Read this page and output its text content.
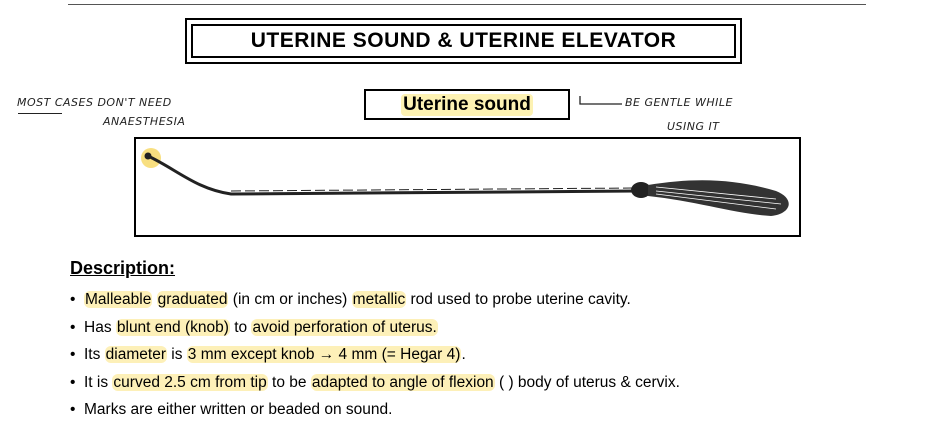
UTERINE SOUND & UTERINE ELEVATOR
MOST CASES DON'T NEED
ANAESTHESIA
Uterine sound	BE GENTLE WHILE
USING IT
Description:
• Malleable graduated (in cm or inches) metallic rod used to probe uterine cavity.
• Has blunt end (knob) to avoid perforation of uterus.
• Its diameter is 3 mm except knob → 4 mm (= Hegar 4).
• It is curved 2.5 cm from tip to be adapted to angle of flexion ( ) body of uterus & cervix.
• Marks are either written or beaded on sound.
